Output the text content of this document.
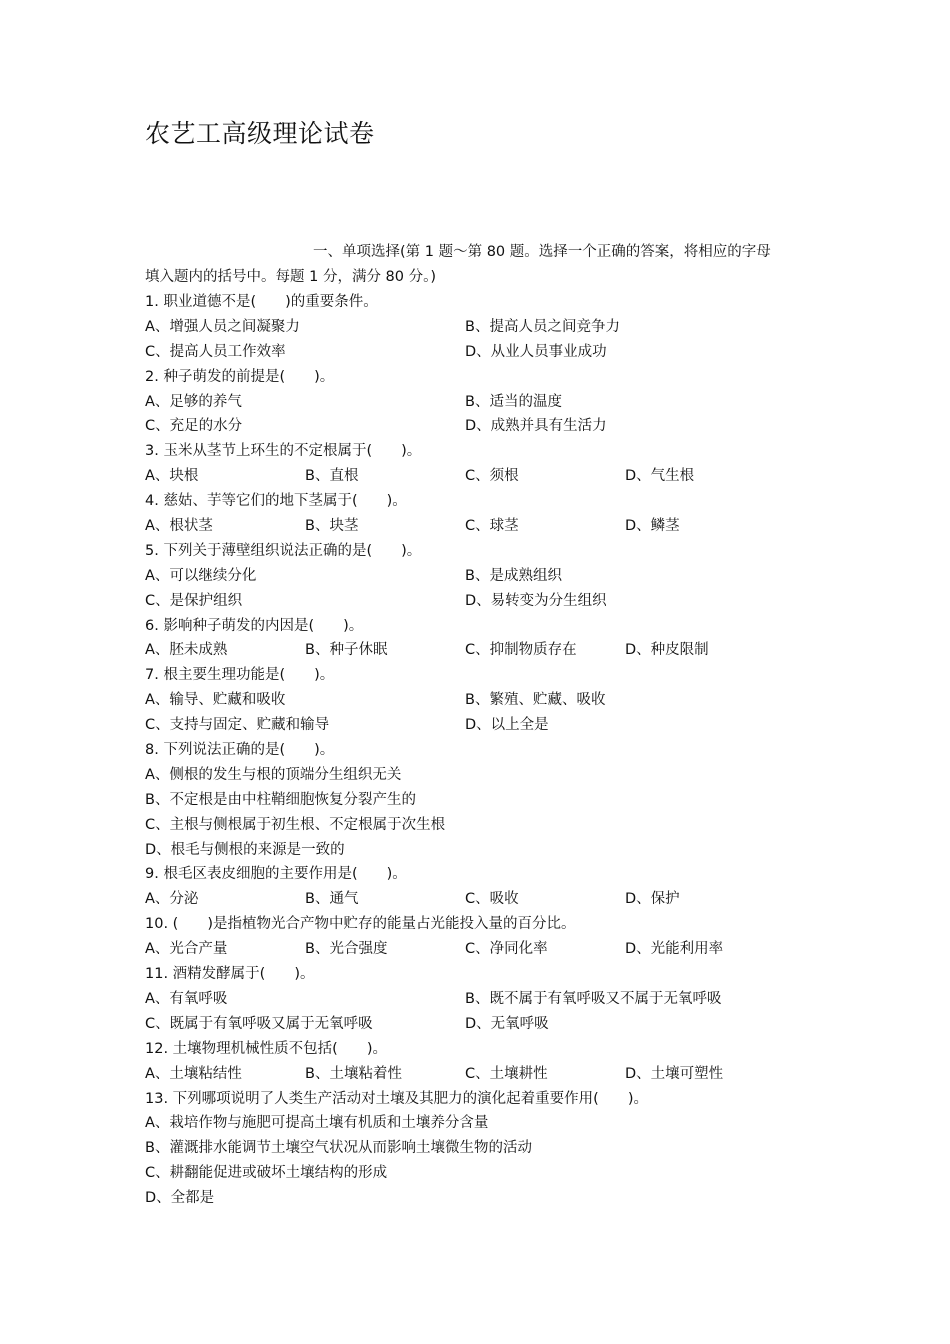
农艺工高级理论试卷
一、单项选择(第 1 题～第 80 题。选择一个正确的答案，将相应的字母
填入题内的括号中。每题 1 分，满分 80 分。)
1. 职业道德不是(　　)的重要条件。
A、增强人员之间凝聚力	B、提高人员之间竞争力
C、提高人员工作效率	D、从业人员事业成功
2. 种子萌发的前提是(　　)。
A、足够的养气	B、适当的温度
C、充足的水分	D、成熟并具有生活力
3. 玉米从茎节上环生的不定根属于(　　)。
A、块根	B、直根	C、须根	D、气生根
4. 慈姑、芋等它们的地下茎属于(　　)。
A、根状茎	B、块茎	C、球茎	D、鳞茎
5. 下列关于薄壁组织说法正确的是(　　)。
A、可以继续分化	B、是成熟组织
C、是保护组织	D、易转变为分生组织
6. 影响种子萌发的内因是(　　)。
A、胚未成熟	B、种子休眠	C、抑制物质存在	D、种皮限制
7. 根主要生理功能是(　　)。
A、输导、贮藏和吸收	B、繁殖、贮藏、吸收
C、支持与固定、贮藏和输导	D、以上全是
8. 下列说法正确的是(　　)。
A、侧根的发生与根的顶端分生组织无关
B、不定根是由中柱鞘细胞恢复分裂产生的
C、主根与侧根属于初生根、不定根属于次生根
D、根毛与侧根的来源是一致的
9. 根毛区表皮细胞的主要作用是(　　)。
A、分泌	B、通气	C、吸收	D、保护
10. (　　)是指植物光合产物中贮存的能量占光能投入量的百分比。
A、光合产量	B、光合强度	C、净同化率	D、光能利用率
11. 酒精发酵属于(　　)。
A、有氧呼吸	B、既不属于有氧呼吸又不属于无氧呼吸
C、既属于有氧呼吸又属于无氧呼吸	D、无氧呼吸
12. 土壤物理机械性质不包括(　　)。
A、土壤粘结性	B、土壤粘着性	C、土壤耕性	D、土壤可塑性
13. 下列哪项说明了人类生产活动对土壤及其肥力的演化起着重要作用(　　)。
A、栽培作物与施肥可提高土壤有机质和土壤养分含量
B、灌溉排水能调节土壤空气状况从而影响土壤微生物的活动
C、耕翻能促进或破坏土壤结构的形成
D、全都是
